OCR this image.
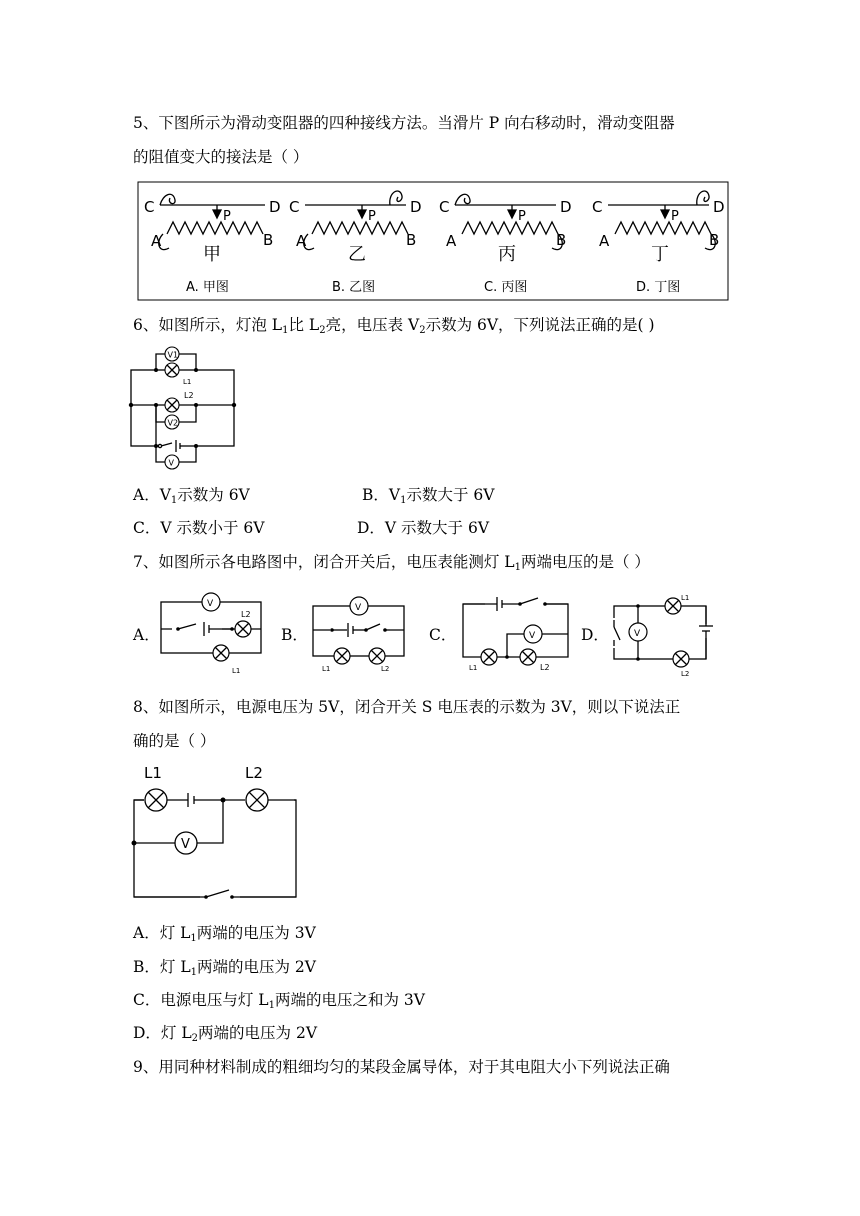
5、下图所示为滑动变阻器的四种接线方法。当滑片 P 向右移动时，滑动变阻器
的阻值变大的接法是（ ）
C	D
A	B
P
甲
C	D
A	B
P
乙
C	D
A	B
P
丙
C	D
A	B
P
丁
A. 甲图	B. 乙图	C. 丙图	D. 丁图
6、如图所示，灯泡 $L_1$比 $L_2$亮，电压表 $V_2$示数为 6V，下列说法正确的是( )
V1
L1
L2
V2
V
A．$V_1$示数为 6V	B．$V_1$示数大于 6V
C．V 示数小于 6V	D．V 示数大于 6V
7、如图所示各电路图中，闭合开关后，电压表能测灯 $L_1$两端电压的是（ ）
A．	B．	C．	D．
V
L2
L1
V
L1	L2
V
L1	L2
L1
V
L2
8、如图所示，电源电压为 5V，闭合开关 S 电压表的示数为 3V，则以下说法正
确的是（ ）
L1	L2
V
A．灯 $L_1$两端的电压为 3V
B．灯 $L_1$两端的电压为 2V
C．电源电压与灯 $L_1$两端的电压之和为 3V
D．灯 $L_2$两端的电压为 2V
9、用同种材料制成的粗细均匀的某段金属导体，对于其电阻大小下列说法正确
